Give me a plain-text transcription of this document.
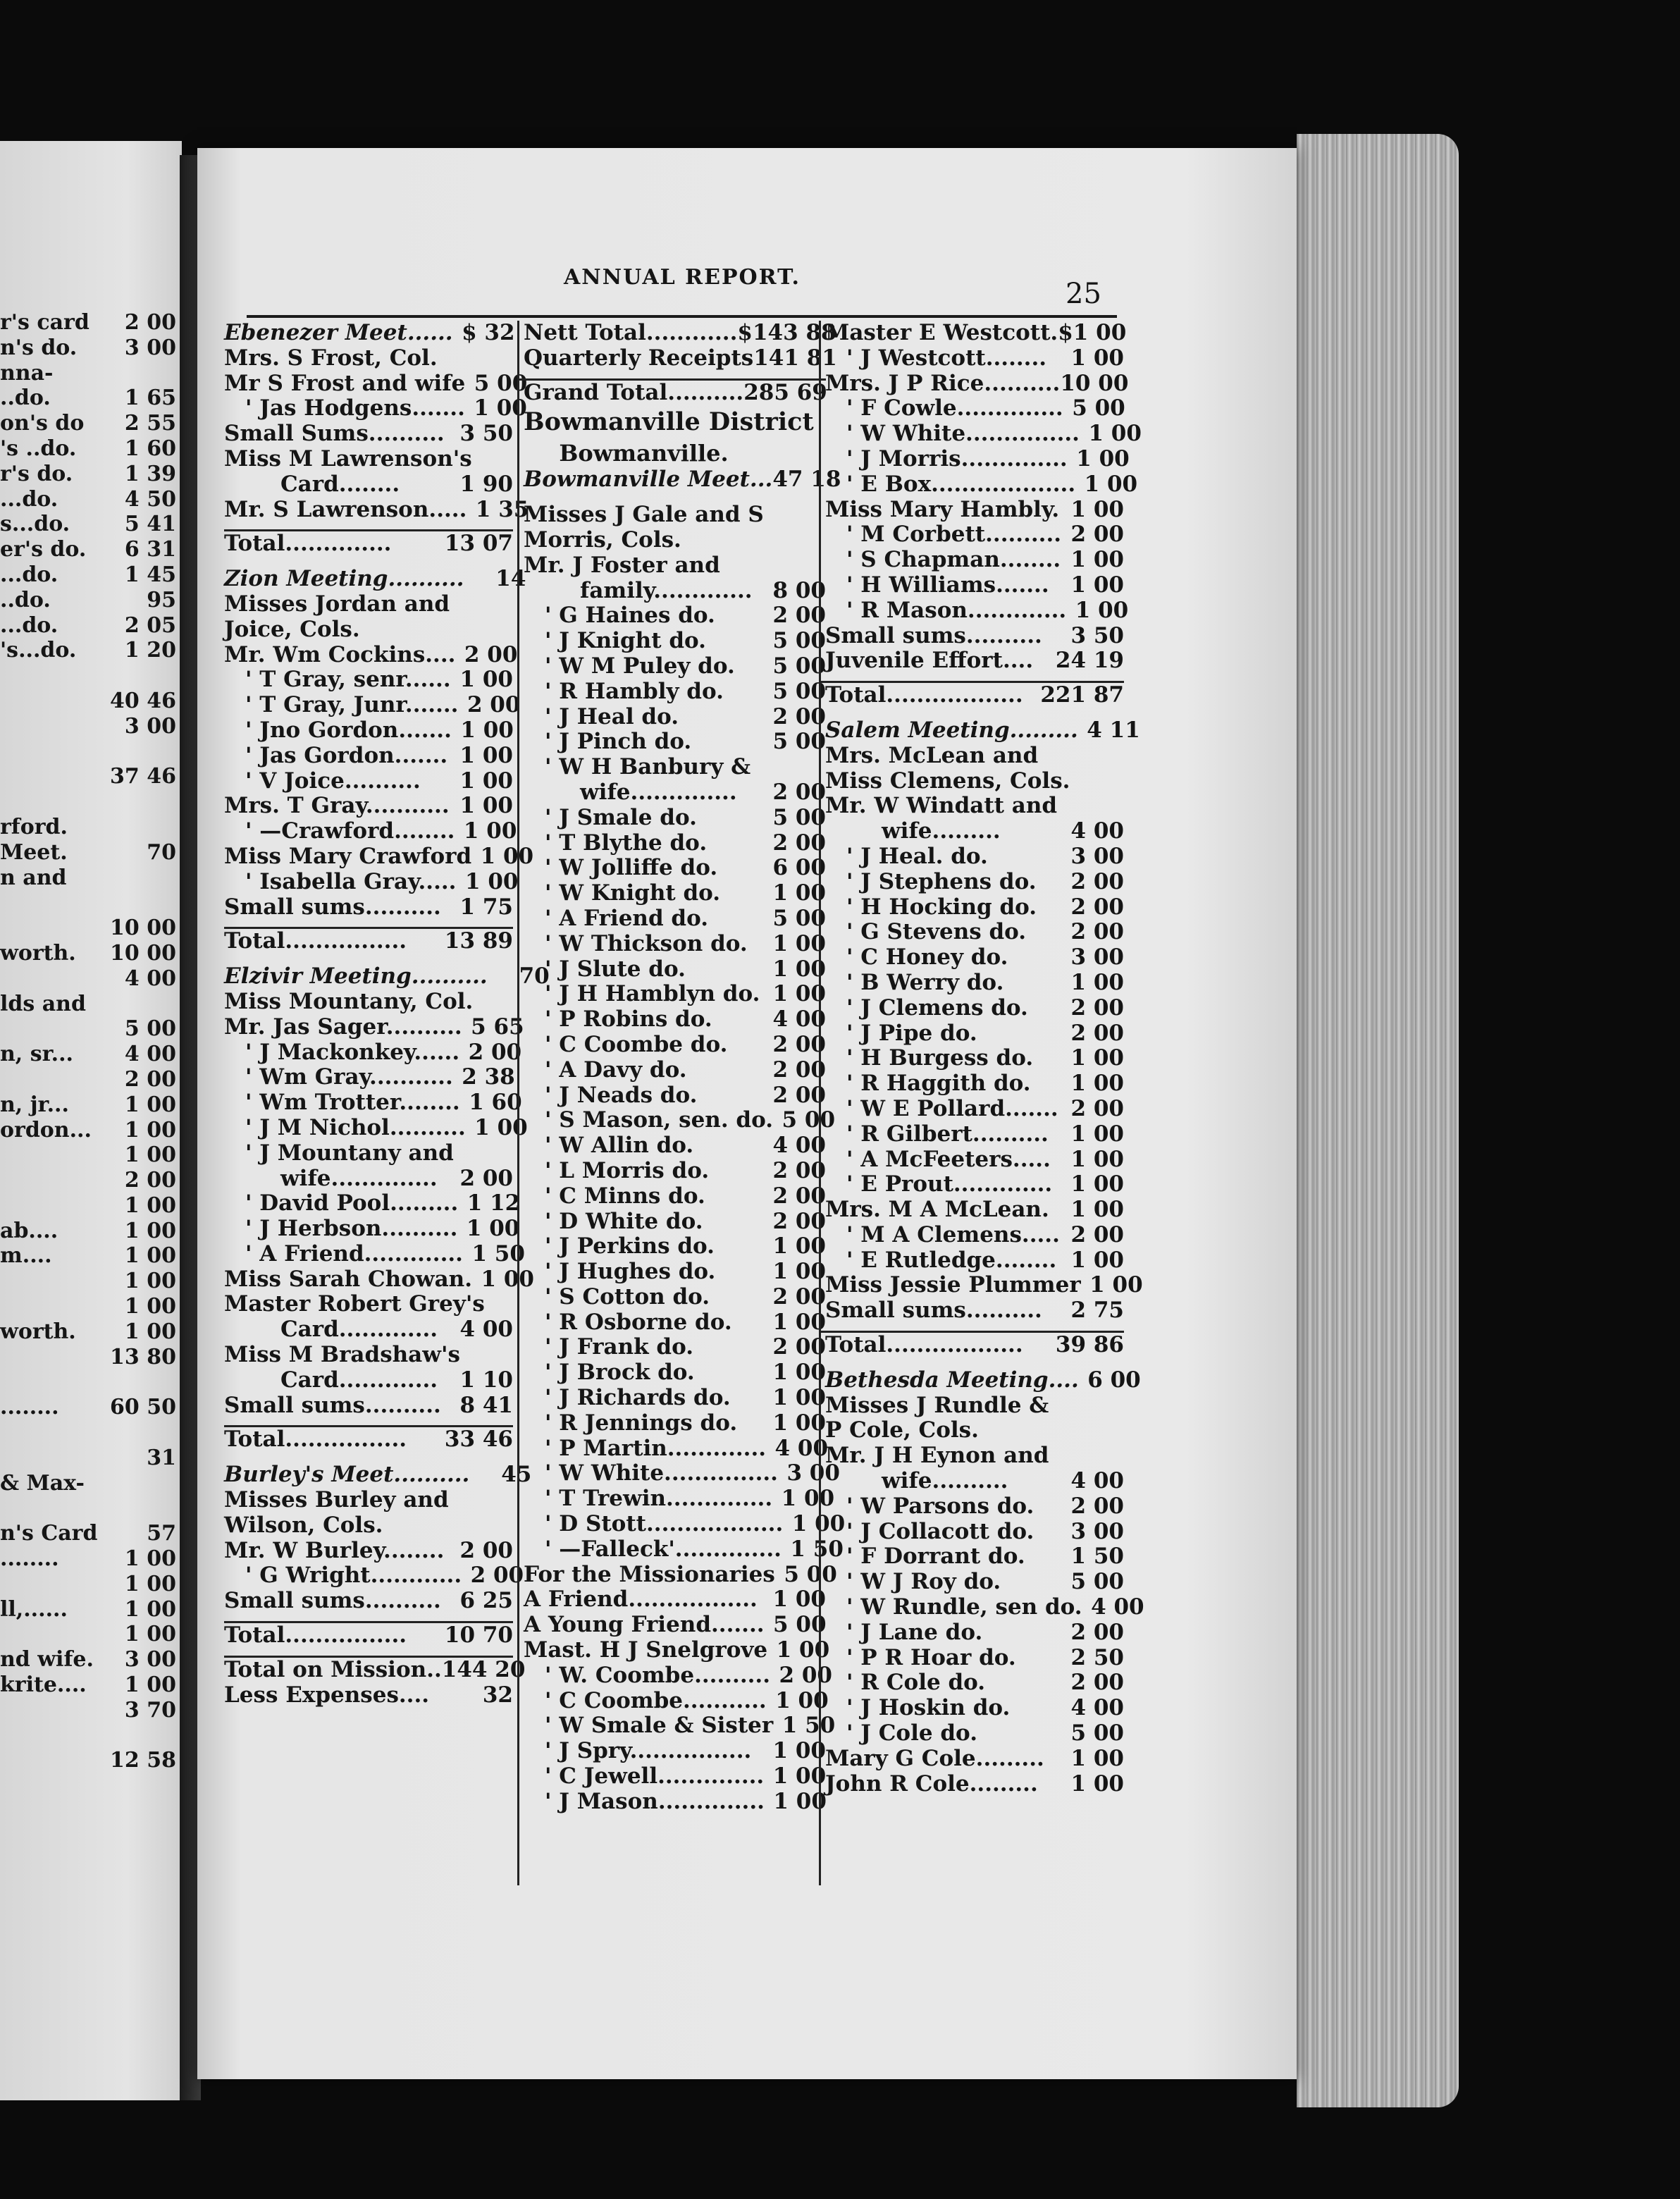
r's card 2 00
n's do. 3 00
nna-
..do.	1 65
on's do 2 55
's ..do. 1 60
r's do. 1 39
...do.	4 50
s...do.	5 41
er's do. 6 31
...do.	1 45
..do.	95
...do.	2 05
's...do. 1 20
40 46
3 00
37 46
rford.
Meet.	70
n and
10 00
worth. 10 00
4 00
lds and
5 00
n, sr... 4 00
2 00
n, jr...	1 00
ordon... 1 00
1 00
2 00
1 00
ab....	1 00
m....	1 00
1 00
1 00
worth. 1 00
13 80
........ 60 50
31
& Max-
n's Card	57
........	1 00
1 00
ll,......	1 00
1 00
nd wife. 3 00
krite.... 1 00
3 70
12 58
ANNUAL REPORT.
25
Ebenezer Meet...... $ 32
Mrs. S Frost, Col.
Mr S Frost and wife 5 00
' Jas Hodgens....... 1 00
Small Sums.......... 3 50
Miss M Lawrenson's
Card........	1 90
Mr. S Lawrenson..... 1 35
Total.............. 13 07
Zion Meeting..........	14
Misses Jordan and
Joice, Cols.
Mr. Wm Cockins.... 2 00
' T Gray, senr...... 1 00
' T Gray, Junr....... 2 00
' Jno Gordon....... 1 00
' Jas Gordon....... 1 00
' V Joice..........	1 00
Mrs. T Gray........... 1 00
' —Crawford........ 1 00
Miss Mary Crawford 1 00
' Isabella Gray..... 1 00
Small sums.......... 1 75
Total................ 13 89
Elzivir Meeting..........	70
Miss Mountany, Col.
Mr. Jas Sager.......... 5 65
' J Mackonkey...... 2 00
' Wm Gray........... 2 38
' Wm Trotter........ 1 60
' J M Nichol.......... 1 00
' J Mountany and
wife..............	2 00
' David Pool......... 1 12
' J Herbson.......... 1 00
' A Friend............. 1 50
Miss Sarah Chowan. 1 00
Master Robert Grey's
Card.............	4 00
Miss M Bradshaw's
Card.............	1 10
Small sums.......... 8 41
Total................ 33 46
Burley's Meet..........	45
Misses Burley and
Wilson, Cols.
Mr. W Burley........ 2 00
' G Wright............ 2 00
Small sums.......... 6 25
Total................ 10 70
Total on Mission.. 144 20
Less Expenses....	32
Nett Total............ $143 88
Quarterly Receipts 141 81
Grand Total.......... 285 69
Bowmanville District
Bowmanville.
Bowmanville Meet... 47 18
Misses J Gale and S
Morris, Cols.
Mr. J Foster and
family............. 8 00
' G Haines do.	2 00
' J Knight do.	5 00
' W M Puley do.	5 00
' R Hambly do.	5 00
' J Heal do.	2 00
' J Pinch do.	5 00
' W H Banbury &
wife..............	2 00
' J Smale do.	5 00
' T Blythe do.	2 00
' W Jolliffe do.	6 00
' W Knight do.	1 00
' A Friend do.	5 00
' W Thickson do.	1 00
' J Slute do.	1 00
' J H Hamblyn do. 1 00
' P Robins do.	4 00
' C Coombe do.	2 00
' A Davy do.	2 00
' J Neads do.	2 00
' S Mason, sen. do. 5 00
' W Allin do.	4 00
' L Morris do.	2 00
' C Minns do.	2 00
' D White do.	2 00
' J Perkins do.	1 00
' J Hughes do.	1 00
' S Cotton do.	2 00
' R Osborne do.	1 00
' J Frank do.	2 00
' J Brock do.	1 00
' J Richards do.	1 00
' R Jennings do.	1 00
' P Martin............. 4 00
' W White............... 3 00
' T Trewin.............. 1 00
' D Stott.................. 1 00
' —Falleck'.............. 1 50
For the Missionaries 5 00
A Friend................. 1 00
A Young Friend....... 5 00
Mast. H J Snelgrove 1 00
' W. Coombe.......... 2 00
' C Coombe........... 1 00
' W Smale & Sister 1 50
' J Spry................ 1 00
' C Jewell.............. 1 00
' J Mason.............. 1 00
Master E Westcott. $1 00
' J Westcott........	1 00
Mrs. J P Rice.......... 10 00
' F Cowle.............. 5 00
' W White............... 1 00
' J Morris.............. 1 00
' E Box................... 1 00
Miss Mary Hambly. 1 00
' M Corbett.......... 2 00
' S Chapman........ 1 00
' H Williams....... 1 00
' R Mason............. 1 00
Small sums..........	3 50
Juvenile Effort.... 24 19
Total.................. 221 87
Salem Meeting......... 4 11
Mrs. McLean and
Miss Clemens, Cols.
Mr. W Windatt and
wife.........	4 00
' J Heal. do.	3 00
' J Stephens do.	2 00
' H Hocking do.	2 00
' G Stevens do.	2 00
' C Honey do.	3 00
' B Werry do.	1 00
' J Clemens do.	2 00
' J Pipe do.	2 00
' H Burgess do.	1 00
' R Haggith do.	1 00
' W E Pollard....... 2 00
' R Gilbert..........	1 00
' A McFeeters..... 1 00
' E Prout............. 1 00
Mrs. M A McLean. 1 00
' M A Clemens..... 2 00
' E Rutledge........ 1 00
Miss Jessie Plummer 1 00
Small sums..........	2 75
Total.................. 39 86
Bethesda Meeting.... 6 00
Misses J Rundle &
P Cole, Cols.
Mr. J H Eynon and
wife..........	4 00
' W Parsons do.	2 00
' J Collacott do.	3 00
' F Dorrant do.	1 50
' W J Roy do.	5 00
' W Rundle, sen do. 4 00
' J Lane do.	2 00
' P R Hoar do.	2 50
' R Cole do.	2 00
' J Hoskin do.	4 00
' J Cole do.	5 00
Mary G Cole.........	1 00
John R Cole.........	1 00
